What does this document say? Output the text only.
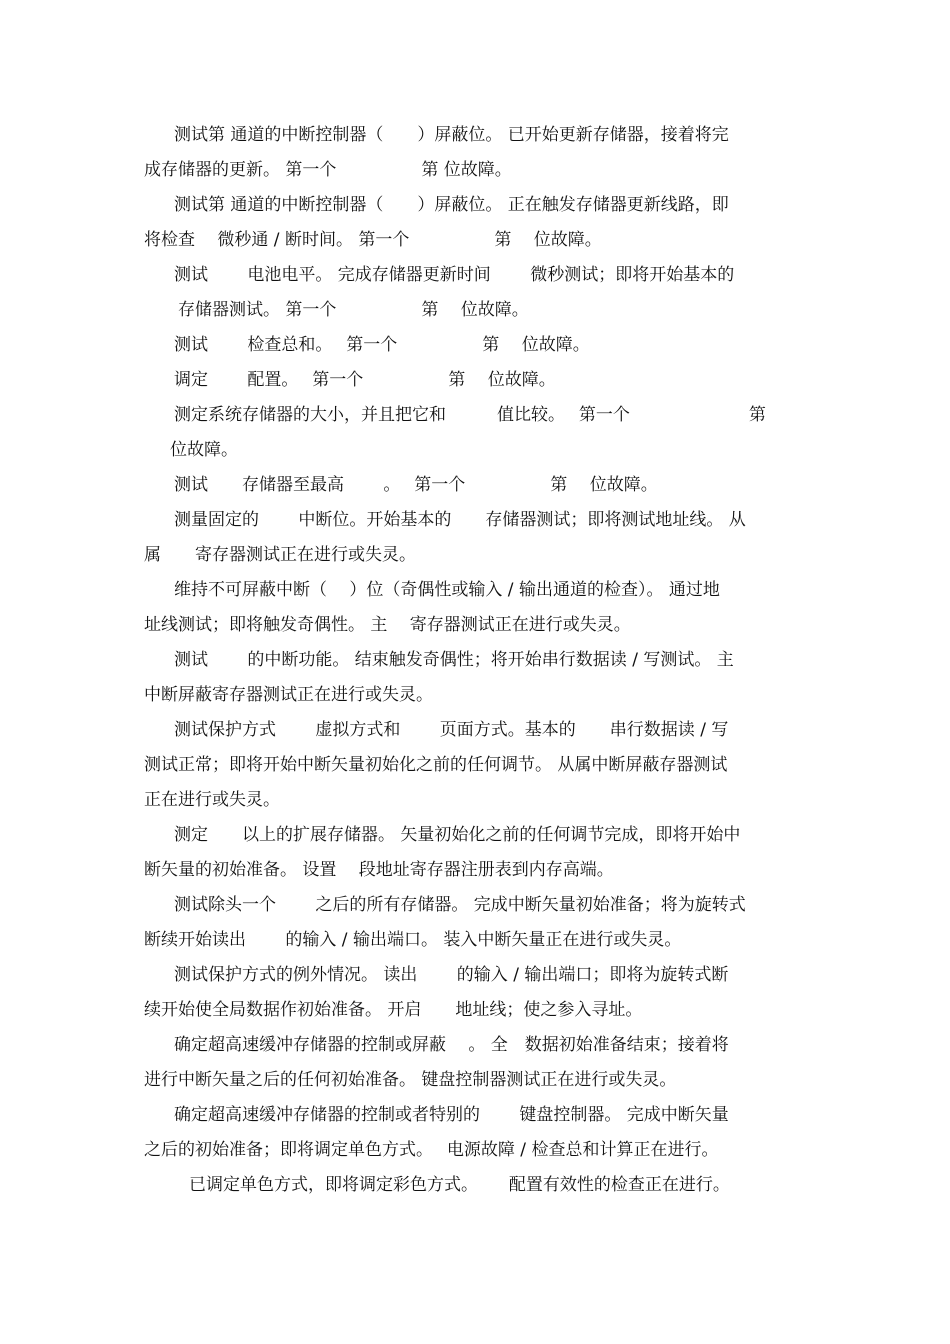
测试第 通道的中断控制器（　　）屏蔽位。 已开始更新存储器，接着将完
成存储器的更新。 第一个　　　　　第 位故障。
测试第 通道的中断控制器（　　）屏蔽位。 正在触发存储器更新线路，即
将检查　 微秒通 / 断时间。 第一个　　　　　第　 位故障。
测试　　 电池电平。 完成存储器更新时间　　 微秒测试；即将开始基本的
存储器测试。 第一个　　　　　第　 位故障。
测试　　 检查总和。　 第一个　　　　　第　 位故障。
调定　　 配置。　 第一个　　　　　第　 位故障。
测定系统存储器的大小，并且把它和　　　值比较。　 第一个　　　　　　　第
位故障。
测试　　存储器至最高　　 。　 第一个　　　　　第　 位故障。
测量固定的　　 中断位。开始基本的　　存储器测试；即将测试地址线。 从
属　　寄存器测试正在进行或失灵。
维持不可屏蔽中断（　 ）位（奇偶性或输入 / 输出通道的检查）。 通过地
址线测试；即将触发奇偶性。 主　 寄存器测试正在进行或失灵。
测试　　 的中断功能。 结束触发奇偶性；将开始串行数据读 / 写测试。 主
中断屏蔽寄存器测试正在进行或失灵。
测试保护方式　　 虚拟方式和　　 页面方式。基本的　　串行数据读 / 写
测试正常；即将开始中断矢量初始化之前的任何调节。 从属中断屏蔽存器测试
正在进行或失灵。
测定　　以上的扩展存储器。 矢量初始化之前的任何调节完成，即将开始中
断矢量的初始准备。 设置　 段地址寄存器注册表到内存高端。
测试除头一个　　 之后的所有存储器。 完成中断矢量初始准备；将为旋转式
断续开始读出　　 的输入 / 输出端口。 装入中断矢量正在进行或失灵。
测试保护方式的例外情况。 读出　　 的输入 / 输出端口；即将为旋转式断
续开始使全局数据作初始准备。 开启　　地址线；使之参入寻址。
确定超高速缓冲存储器的控制或屏蔽　 。 全　数据初始准备结束；接着将
进行中断矢量之后的任何初始准备。 键盘控制器测试正在进行或失灵。
确定超高速缓冲存储器的控制或者特别的　　 键盘控制器。 完成中断矢量
之后的初始准备；即将调定单色方式。　 电源故障 / 检查总和计算正在进行。
已调定单色方式，即将调定彩色方式。　　 配置有效性的检查正在进行。
